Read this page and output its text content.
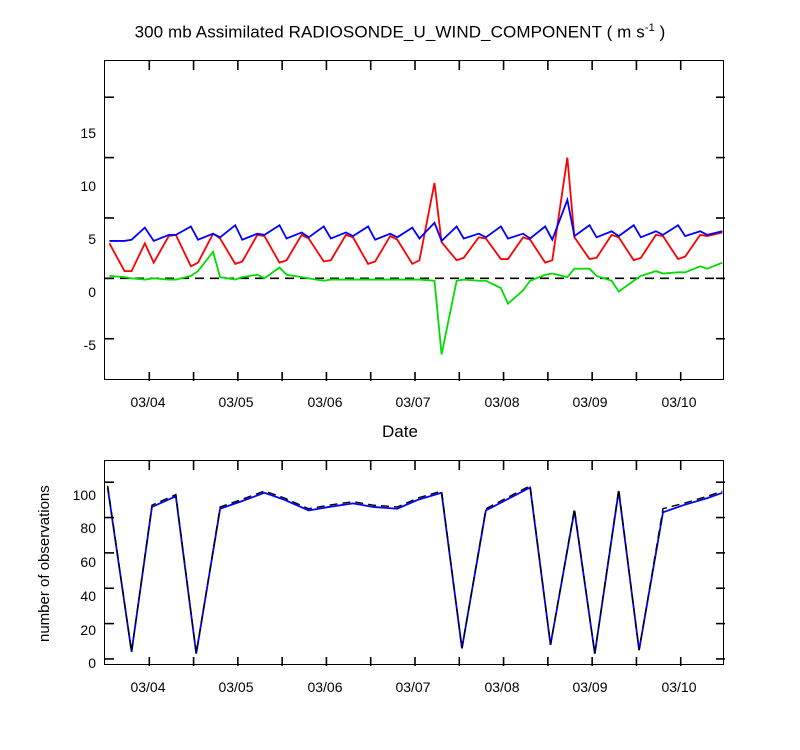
300 mb Assimilated RADIOSONDE_U_WIND_COMPONENT ( m $s^{-1}$ )
15
10
5
0
-5
03/04	03/05	03/06	03/07	03/08	03/09	03/10
Date
number of observations	100
80
60
40
20
0
03/04	03/05	03/06	03/07	03/08	03/09	03/10
